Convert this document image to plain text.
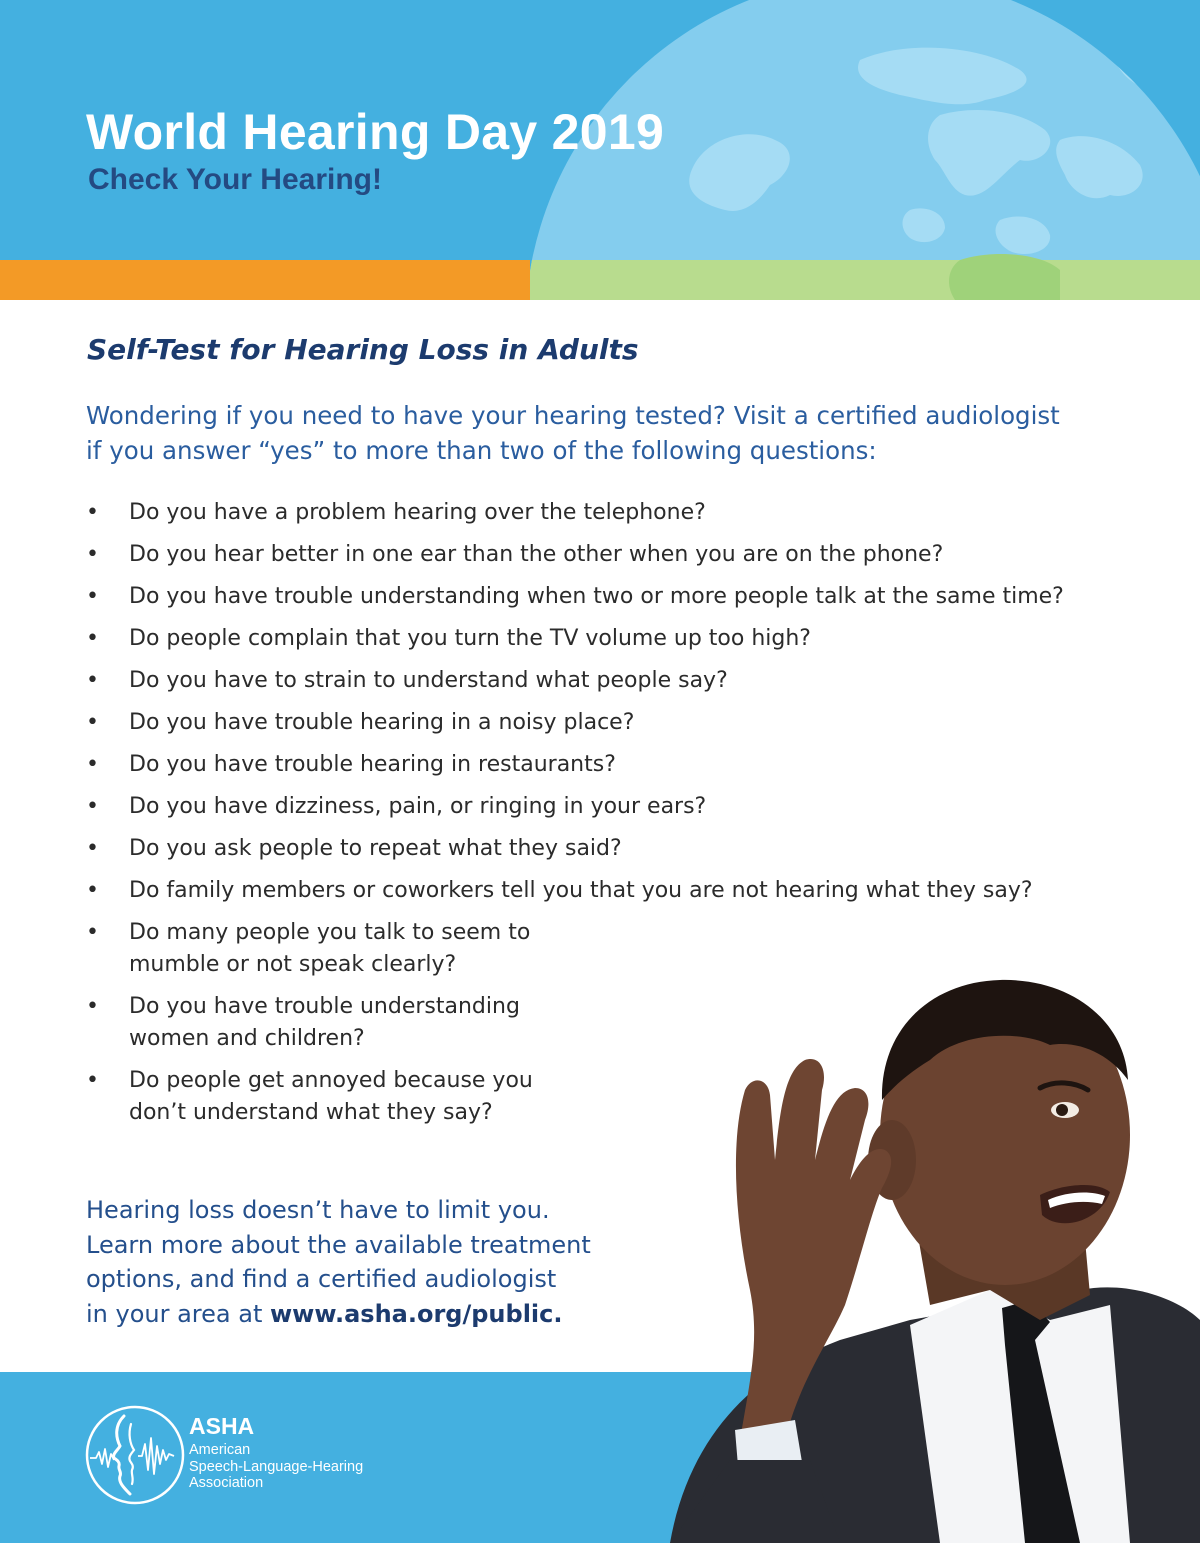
World Hearing Day 2019
Check Your Hearing!
Self-Test for Hearing Loss in Adults

Wondering if you need to have your hearing tested? Visit a certified audiologist
if you answer “yes” to more than two of the following questions:

• Do you have a problem hearing over the telephone?
• Do you hear better in one ear than the other when you are on the phone?
• Do you have trouble understanding when two or more people talk at the same time?
• Do people complain that you turn the TV volume up too high?
• Do you have to strain to understand what people say?
• Do you have trouble hearing in a noisy place?
• Do you have trouble hearing in restaurants?
• Do you have dizziness, pain, or ringing in your ears?
• Do you ask people to repeat what they said?
• Do family members or coworkers tell you that you are not hearing what they say?
• Do many people you talk to seem to mumble or not speak clearly?
• Do you have trouble understanding women and children?
• Do people get annoyed because you don’t understand what they say?

Hearing loss doesn’t have to limit you.
Learn more about the available treatment
options, and find a certified audiologist
in your area at www.asha.org/public.

ASHA

American
Speech-Language-Hearing
Association
